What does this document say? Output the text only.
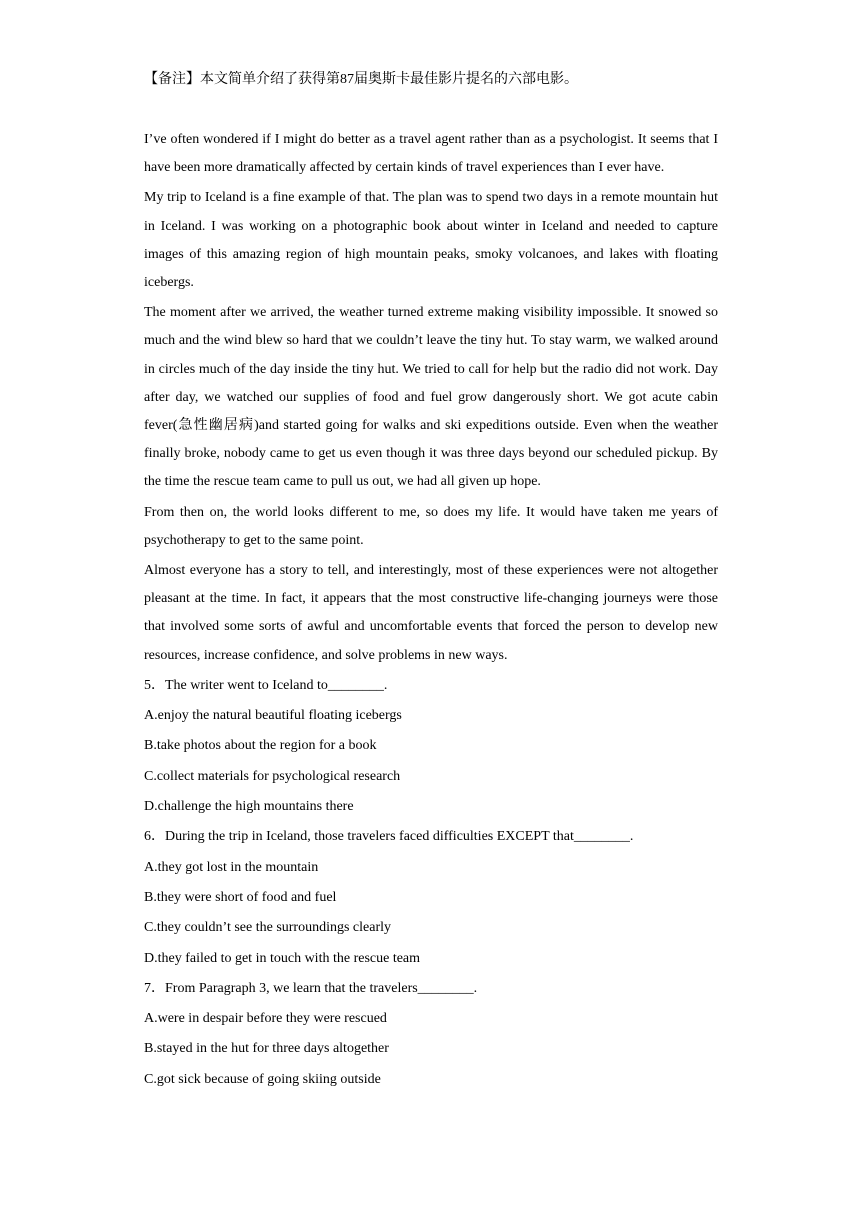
【备注】本文简单介绍了获得第87届奥斯卡最佳影片提名的六部电影。

I’ve often wondered if I might do better as a travel agent rather than as a psychologist. It seems that I have been more dramatically affected by certain kinds of travel experiences than I ever have.

My trip to Iceland is a fine example of that. The plan was to spend two days in a remote mountain hut in Iceland. I was working on a photographic book about winter in Iceland and needed to capture images of this amazing region of high mountain peaks, smoky volcanoes, and lakes with floating icebergs.

The moment after we arrived, the weather turned extreme making visibility impossible. It snowed so much and the wind blew so hard that we couldn’t leave the tiny hut. To stay warm, we walked around in circles much of the day inside the tiny hut. We tried to call for help but the radio did not work. Day after day, we watched our supplies of food and fuel grow dangerously short. We got acute cabin fever(急性幽居病)and started going for walks and ski expeditions outside. Even when the weather finally broke, nobody came to get us even though it was three days beyond our scheduled pickup. By the time the rescue team came to pull us out, we had all given up hope.

From then on, the world looks different to me, so does my life. It would have taken me years of psychotherapy to get to the same point.

Almost everyone has a story to tell, and interestingly, most of these experiences were not altogether pleasant at the time. In fact, it appears that the most constructive life-changing journeys were those that involved some sorts of awful and uncomfortable events that forced the person to develop new resources, increase confidence, and solve problems in new ways.

5．The writer went to Iceland to________.

A.enjoy the natural beautiful floating icebergs

B.take photos about the region for a book

C.collect materials for psychological research

D.challenge the high mountains there

6．During the trip in Iceland, those travelers faced difficulties EXCEPT that________.

A.they got lost in the mountain

B.they were short of food and fuel

C.they couldn’t see the surroundings clearly

D.they failed to get in touch with the rescue team

7．From Paragraph 3, we learn that the travelers________.

A.were in despair before they were rescued

B.stayed in the hut for three days altogether

C.got sick because of going skiing outside
